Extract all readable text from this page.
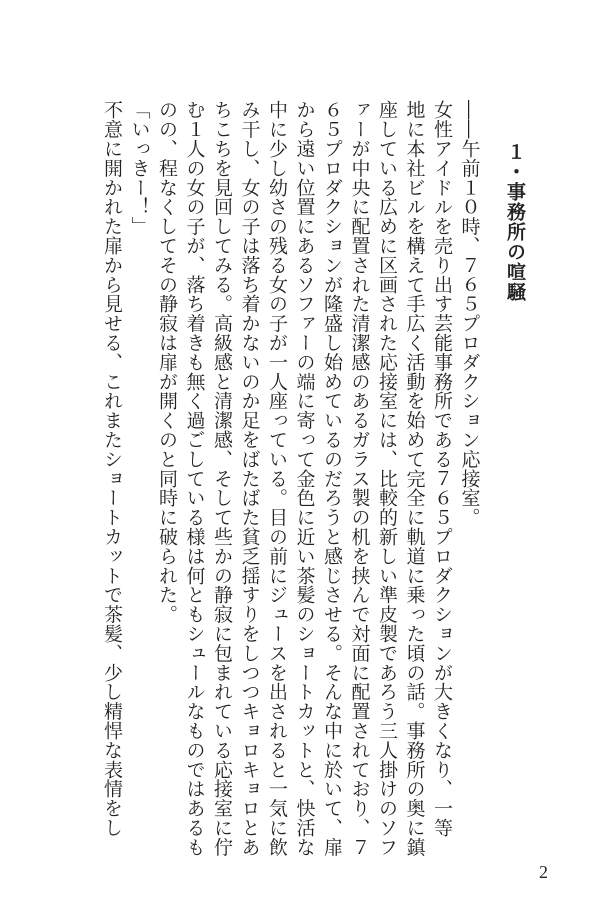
１・事務所の喧騒
――午前１０時、７６５プロダクション応接室。
女性アイドルを売り出す芸能事務所である７６５プロダクションが大きくなり、一等
地に本社ビルを構えて手広く活動を始めて完全に軌道に乗った頃の話。事務所の奥に鎮
座している広めに区画された応接室には、比較的新しい準皮製であろう三人掛けのソフ
ァーが中央に配置された清潔感のあるガラス製の机を挟んで対面に配置されており、７
６５プロダクションが隆盛し始めているのだろうと感じさせる。そんな中に於いて、扉
から遠い位置にあるソファーの端に寄って金色に近い茶髪のショートカットと、快活な
中に少し幼さの残る女の子が一人座っている。目の前にジュースを出されると一気に飲
み干し、女の子は落ち着かないのか足をばたばた貧乏揺すりをしつつキョロキョロとあ
ちこちを見回してみる。高級感と清潔感、そして些かの静寂に包まれている応接室に佇
む１人の女の子が、落ち着きも無く過ごしている様は何ともシュールなものではあるも
のの、程なくしてその静寂は扉が開くのと同時に破られた。
「いっきー！」
不意に開かれた扉から見せる、これまたショートカットで茶髪、少し精悍な表情をし
2
